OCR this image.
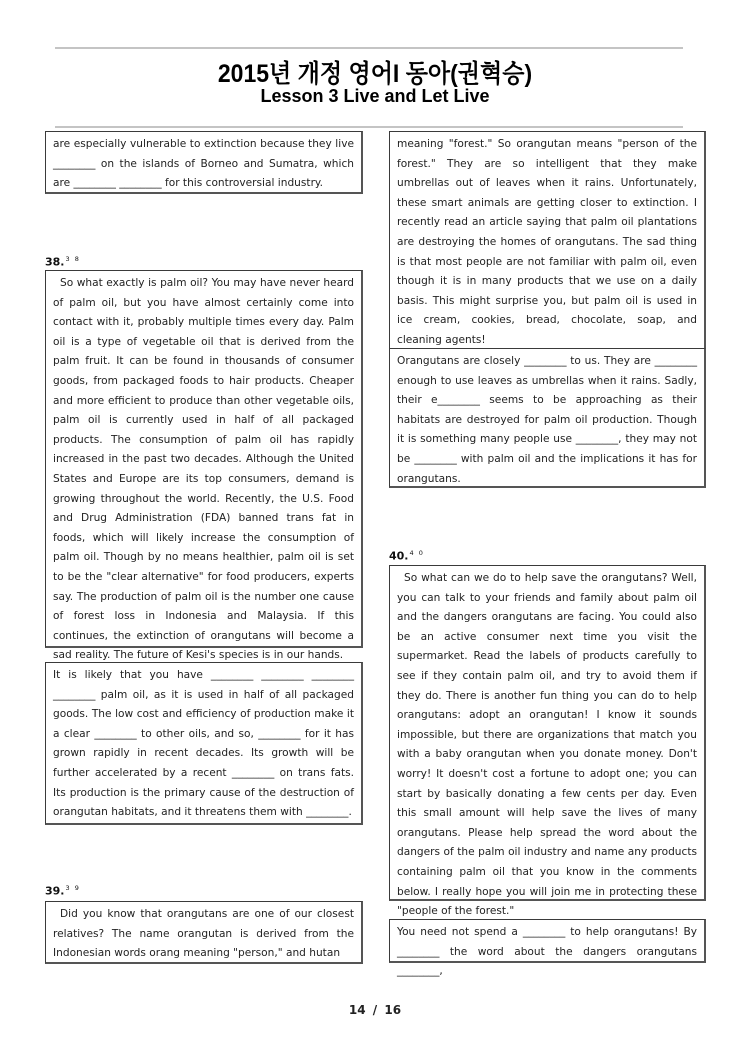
2015년 개정 영어I 동아(권혁승)
Lesson 3 Live and Let Live

are especially vulnerable to extinction because they live ________ on the islands of Borneo and Sumatra, which are ________ ________ for this controversial industry.

38.$^{3 8}$

So what exactly is palm oil? You may have never heard of palm oil, but you have almost certainly come into contact with it, probably multiple times every day. Palm oil is a type of vegetable oil that is derived from the palm fruit. It can be found in thousands of consumer goods, from packaged foods to hair products. Cheaper and more efficient to produce than other vegetable oils, palm oil is currently used in half of all packaged products. The consumption of palm oil has rapidly increased in the past two decades. Although the United States and Europe are its top consumers, demand is growing throughout the world. Recently, the U.S. Food and Drug Administration (FDA) banned trans fat in foods, which will likely increase the consumption of palm oil. Though by no means healthier, palm oil is set to be the "clear alternative" for food producers, experts say. The production of palm oil is the number one cause of forest loss in Indonesia and Malaysia. If this continues, the extinction of orangutans will become a sad reality. The future of Kesi's species is in our hands.

It is likely that you have ________ ________ ________ ________ palm oil, as it is used in half of all packaged goods. The low cost and efficiency of production make it a clear ________ to other oils, and so, ________ for it has grown rapidly in recent decades. Its growth will be further accelerated by a recent ________ on trans fats. Its production is the primary cause of the destruction of orangutan habitats, and it threatens them with ________.

39.$^{3 9}$

Did you know that orangutans are one of our closest relatives? The name orangutan is derived from the Indonesian words orang meaning "person," and hutan

meaning "forest." So orangutan means "person of the forest." They are so intelligent that they make umbrellas out of leaves when it rains. Unfortunately, these smart animals are getting closer to extinction. I recently read an article saying that palm oil plantations are destroying the homes of orangutans. The sad thing is that most people are not familiar with palm oil, even though it is in many products that we use on a daily basis. This might surprise you, but palm oil is used in ice cream, cookies, bread, chocolate, soap, and cleaning agents!

Orangutans are closely ________ to us. They are ________ enough to use leaves as umbrellas when it rains. Sadly, their e________ seems to be approaching as their habitats are destroyed for palm oil production. Though it is something many people use ________, they may not be ________ with palm oil and the implications it has for orangutans.

40.$^{4 0}$

So what can we do to help save the orangutans? Well, you can talk to your friends and family about palm oil and the dangers orangutans are facing. You could also be an active consumer next time you visit the supermarket. Read the labels of products carefully to see if they contain palm oil, and try to avoid them if they do. There is another fun thing you can do to help orangutans: adopt an orangutan! I know it sounds impossible, but there are organizations that match you with a baby orangutan when you donate money. Don't worry! It doesn't cost a fortune to adopt one; you can start by basically donating a few cents per day. Even this small amount will help save the lives of many orangutans. Please help spread the word about the dangers of the palm oil industry and name any products containing palm oil that you know in the comments below. I really hope you will join me in protecting these "people of the forest."

You need not spend a ________ to help orangutans! By ________ the word about the dangers orangutans ________,

14 / 16
